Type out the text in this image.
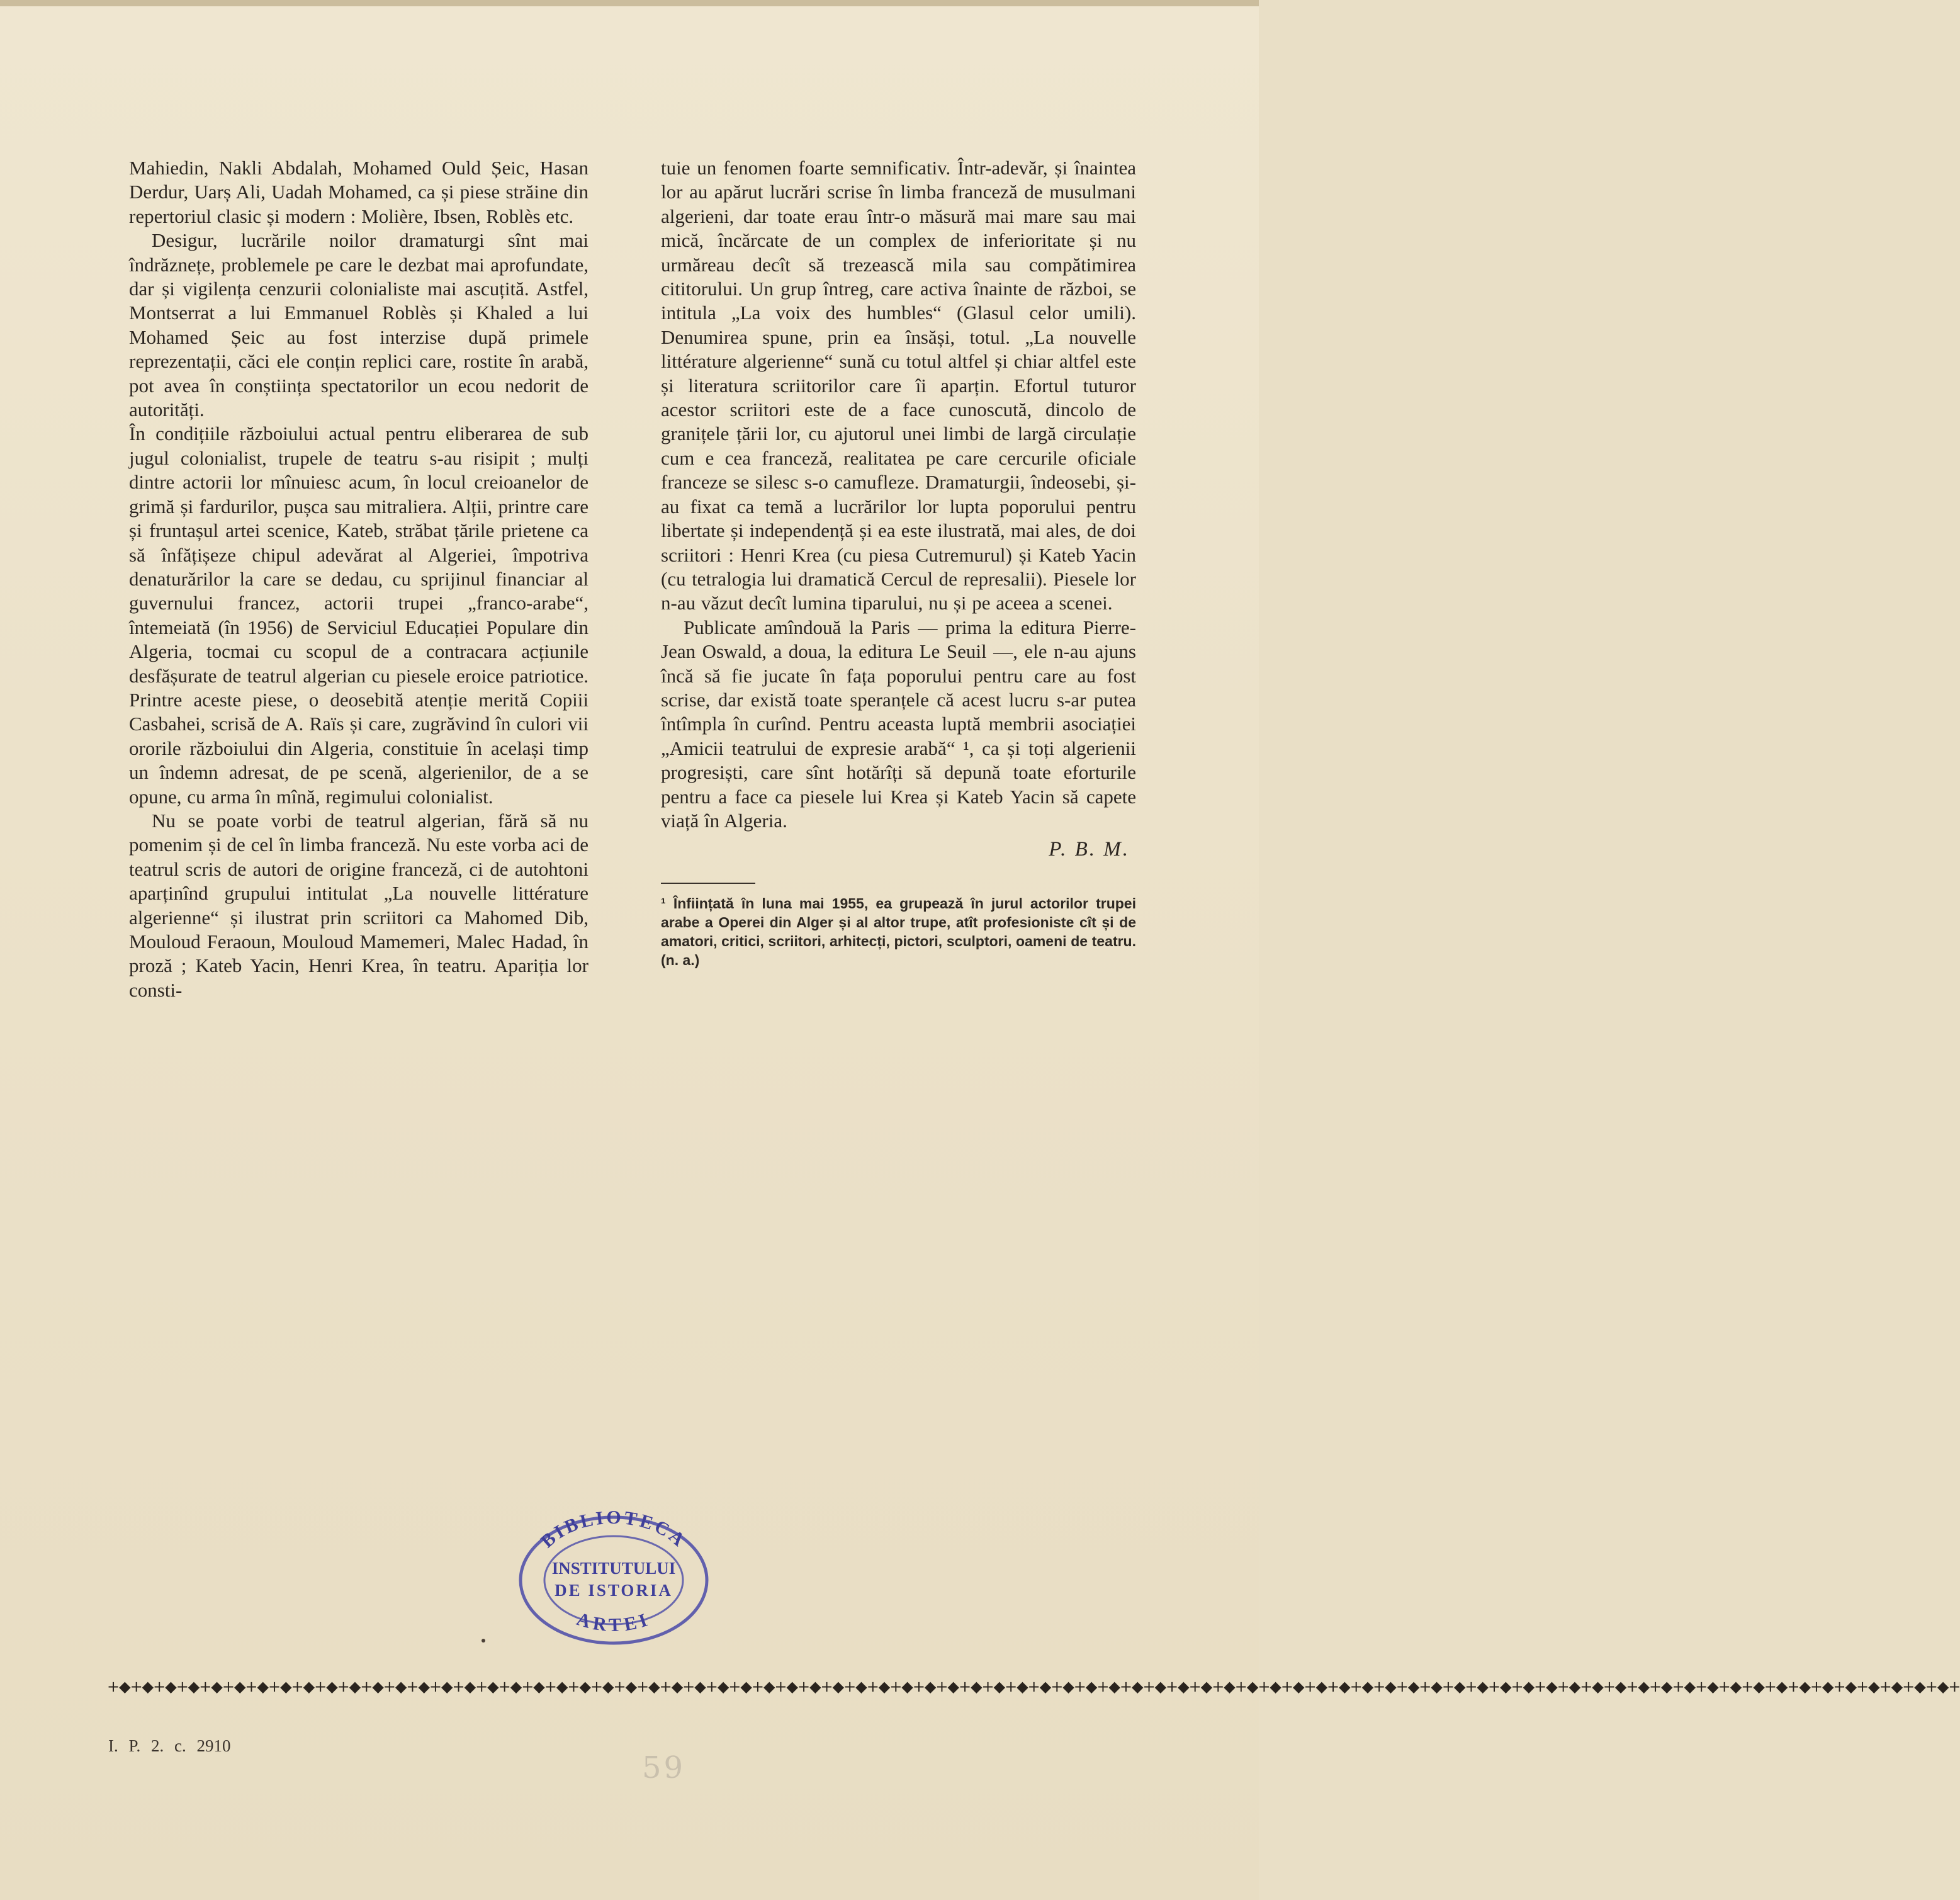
Mahiedin, Nakli Abdalah, Mohamed Ould Șeic, Hasan Derdur, Uarș Ali, Uadah Mohamed, ca și piese străine din repertoriul clasic și modern : Molière, Ibsen, Roblès etc.

Desigur, lucrările noilor dramaturgi sînt mai îndrăznețe, problemele pe care le dezbat mai aprofundate, dar și vigilența cenzurii colonialiste mai ascuțită. Astfel, Montserrat a lui Emmanuel Roblès și Khaled a lui Mohamed Șeic au fost interzise după primele reprezentații, căci ele conțin replici care, rostite în arabă, pot avea în conștiința spectatorilor un ecou nedorit de autorități.

În condițiile războiului actual pentru eliberarea de sub jugul colonialist, trupele de teatru s-au risipit ; mulți dintre actorii lor mînuiesc acum, în locul creioanelor de grimă și fardurilor, pușca sau mitraliera. Alții, printre care și fruntașul artei scenice, Kateb, străbat țările prietene ca să înfățișeze chipul adevărat al Algeriei, împotriva denaturărilor la care se dedau, cu sprijinul financiar al guvernului francez, actorii trupei „franco-arabe“, întemeiată (în 1956) de Serviciul Educației Populare din Algeria, tocmai cu scopul de a contracara acțiunile desfășurate de teatrul algerian cu piesele eroice patriotice. Printre aceste piese, o deosebită atenție merită Copiii Casbahei, scrisă de A. Raïs și care, zugrăvind în culori vii ororile războiului din Algeria, constituie în același timp un îndemn adresat, de pe scenă, algerienilor, de a se opune, cu arma în mînă, regimului colonialist.

Nu se poate vorbi de teatrul algerian, fără să nu pomenim și de cel în limba franceză. Nu este vorba aci de teatrul scris de autori de origine franceză, ci de autohtoni aparținînd grupului intitulat „La nouvelle littérature algerienne“ și ilustrat prin scriitori ca Mahomed Dib, Mouloud Feraoun, Mouloud Mamemeri, Malec Hadad, în proză ; Kateb Yacin, Henri Krea, în teatru. Apariția lor consti-

tuie un fenomen foarte semnificativ. Într-adevăr, și înaintea lor au apărut lucrări scrise în limba franceză de musulmani algerieni, dar toate erau într-o măsură mai mare sau mai mică, încărcate de un complex de inferioritate și nu urmăreau decît să trezească mila sau compătimirea cititorului. Un grup întreg, care activa înainte de război, se intitula „La voix des humbles“ (Glasul celor umili). Denumirea spune, prin ea însăși, totul. „La nouvelle littérature algerienne“ sună cu totul altfel și chiar altfel este și literatura scriitorilor care îi aparțin. Efortul tuturor acestor scriitori este de a face cunoscută, dincolo de granițele țării lor, cu ajutorul unei limbi de largă circulație cum e cea franceză, realitatea pe care cercurile oficiale franceze se silesc s-o camufleze. Dramaturgii, îndeosebi, și-au fixat ca temă a lucrărilor lor lupta poporului pentru libertate și independență și ea este ilustrată, mai ales, de doi scriitori : Henri Krea (cu piesa Cutremurul) și Kateb Yacin (cu tetralogia lui dramatică Cercul de represalii). Piesele lor n-au văzut decît lumina tiparului, nu și pe aceea a scenei.

Publicate amîndouă la Paris — prima la editura Pierre-Jean Oswald, a doua, la editura Le Seuil —, ele n-au ajuns încă să fie jucate în fața poporului pentru care au fost scrise, dar există toate speranțele că acest lucru s-ar putea întîmpla în curînd. Pentru aceasta luptă membrii asociației „Amicii teatrului de expresie arabă“ ¹, ca și toți algerienii progresiști, care sînt hotărîți să depună toate eforturile pentru a face ca piesele lui Krea și Kateb Yacin să capete viață în Algeria.

P. B. M.

¹ Înființată în luna mai 1955, ea grupează în jurul actorilor trupei arabe a Operei din Alger și al altor trupe, atît profesioniste cît și de amatori, critici, scriitori, arhitecți, pictori, sculptori, oameni de teatru. (n. a.)

BIBLIOTECA
INSTITUTULUI
DE ISTORIA
ARTEI
+◆+◆+◆+◆+◆+◆+◆+◆+◆+◆+◆+◆+◆+◆+◆+◆+◆+◆+◆+◆+◆+◆+◆+◆+◆+◆+◆+◆+◆+◆+◆+◆+◆+◆+◆+◆+◆+◆+◆+◆+◆+◆+◆+◆+◆+◆+◆+◆+◆+◆+◆+◆+◆+◆+◆+◆+◆+◆+◆+◆+◆+◆+◆+◆+◆+◆+◆+◆+◆+◆+◆+◆+◆+◆+◆+◆+◆+◆+◆+◆+
I. P. 2. c. 2910
59
